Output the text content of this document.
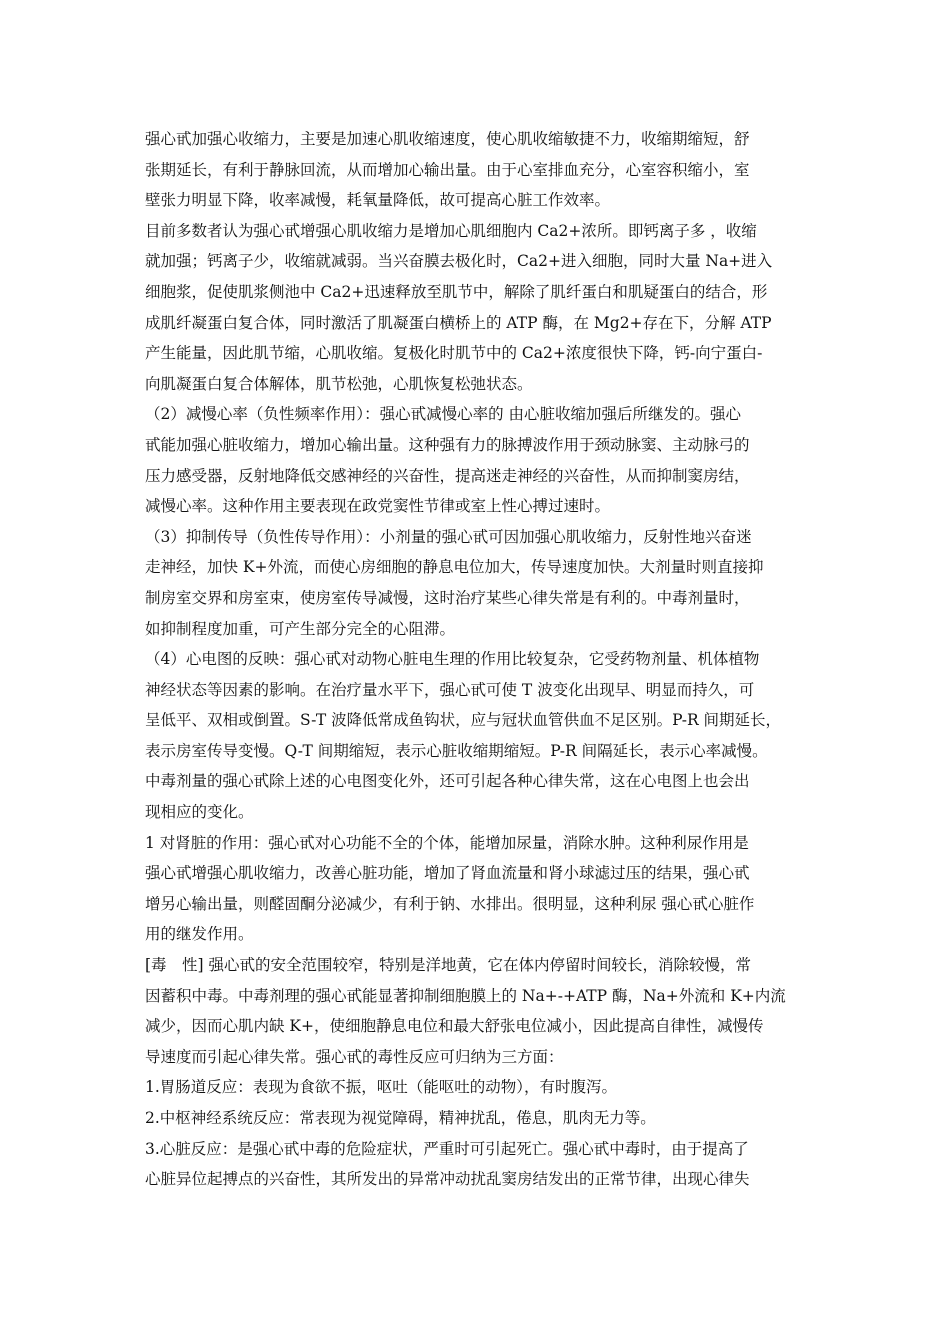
强心甙加强心收缩力，主要是加速心肌收缩速度，使心肌收缩敏捷不力，收缩期缩短，舒
张期延长，有利于静脉回流，从而增加心输出量。由于心室排血充分，心室容积缩小，室
壁张力明显下降，收率减慢，耗氧量降低，故可提高心脏工作效率。
目前多数者认为强心甙增强心肌收缩力是增加心肌细胞内 Ca2+浓所。即钙离子多 ，收缩
就加强；钙离子少，收缩就减弱。当兴奋膜去极化时，Ca2+进入细胞，同时大量 Na+进入
细胞浆，促使肌浆侧池中 Ca2+迅速释放至肌节中，解除了肌纤蛋白和肌疑蛋白的结合，形
成肌纤凝蛋白复合体，同时激活了肌凝蛋白横桥上的 ATP 酶，在 Mg2+存在下，分解 ATP
产生能量，因此肌节缩，心肌收缩。复极化时肌节中的 Ca2+浓度很快下降，钙-向宁蛋白-
向肌凝蛋白复合体解体，肌节松弛，心肌恢复松弛状态。
（2）减慢心率（负性频率作用）：强心甙减慢心率的 由心脏收缩加强后所继发的。强心
甙能加强心脏收缩力，增加心输出量。这种强有力的脉搏波作用于颈动脉窦、主动脉弓的
压力感受器，反射地降低交感神经的兴奋性，提高迷走神经的兴奋性，从而抑制窦房结，
减慢心率。这种作用主要表现在政党窦性节律或室上性心搏过速时。
（3）抑制传导（负性传导作用）：小剂量的强心甙可因加强心肌收缩力，反射性地兴奋迷
走神经，加快 K+外流，而使心房细胞的静息电位加大，传导速度加快。大剂量时则直接抑
制房室交界和房室束，使房室传导减慢，这时治疗某些心律失常是有利的。中毒剂量时，
如抑制程度加重，可产生部分完全的心阻滞。
（4）心电图的反映：强心甙对动物心脏电生理的作用比较复杂，它受药物剂量、机体植物
神经状态等因素的影响。在治疗量水平下，强心甙可使 T 波变化出现早、明显而持久，可
呈低平、双相或倒置。S-T 波降低常成鱼钩状，应与冠状血管供血不足区别。P-R 间期延长，
表示房室传导变慢。Q-T 间期缩短，表示心脏收缩期缩短。P-R 间隔延长，表示心率减慢。
中毒剂量的强心甙除上述的心电图变化外，还可引起各种心律失常，这在心电图上也会出
现相应的变化。
1 对肾脏的作用：强心甙对心功能不全的个体，能增加尿量，消除水肿。这种利尿作用是
强心甙增强心肌收缩力，改善心脏功能，增加了肾血流量和肾小球滤过压的结果，强心甙
增另心输出量，则醛固酮分泌减少，有利于钠、水排出。很明显，这种利尿 强心甙心脏作
用的继发作用。
[毒　性] 强心甙的安全范围较窄，特别是洋地黄，它在体内停留时间较长，消除较慢，常
因蓄积中毒。中毒剂理的强心甙能显著抑制细胞膜上的 Na+-+ATP 酶，Na+外流和 K+内流
减少，因而心肌内缺 K+，使细胞静息电位和最大舒张电位减小，因此提高自律性，减慢传
导速度而引起心律失常。强心甙的毒性反应可归纳为三方面：
1.胃肠道反应：表现为食欲不振，呕吐（能呕吐的动物），有时腹泻。
2.中枢神经系统反应：常表现为视觉障碍，精神扰乱，倦息，肌肉无力等。
3.心脏反应：是强心甙中毒的危险症状，严重时可引起死亡。强心甙中毒时，由于提高了
心脏异位起搏点的兴奋性，其所发出的异常冲动扰乱窦房结发出的正常节律，出现心律失
